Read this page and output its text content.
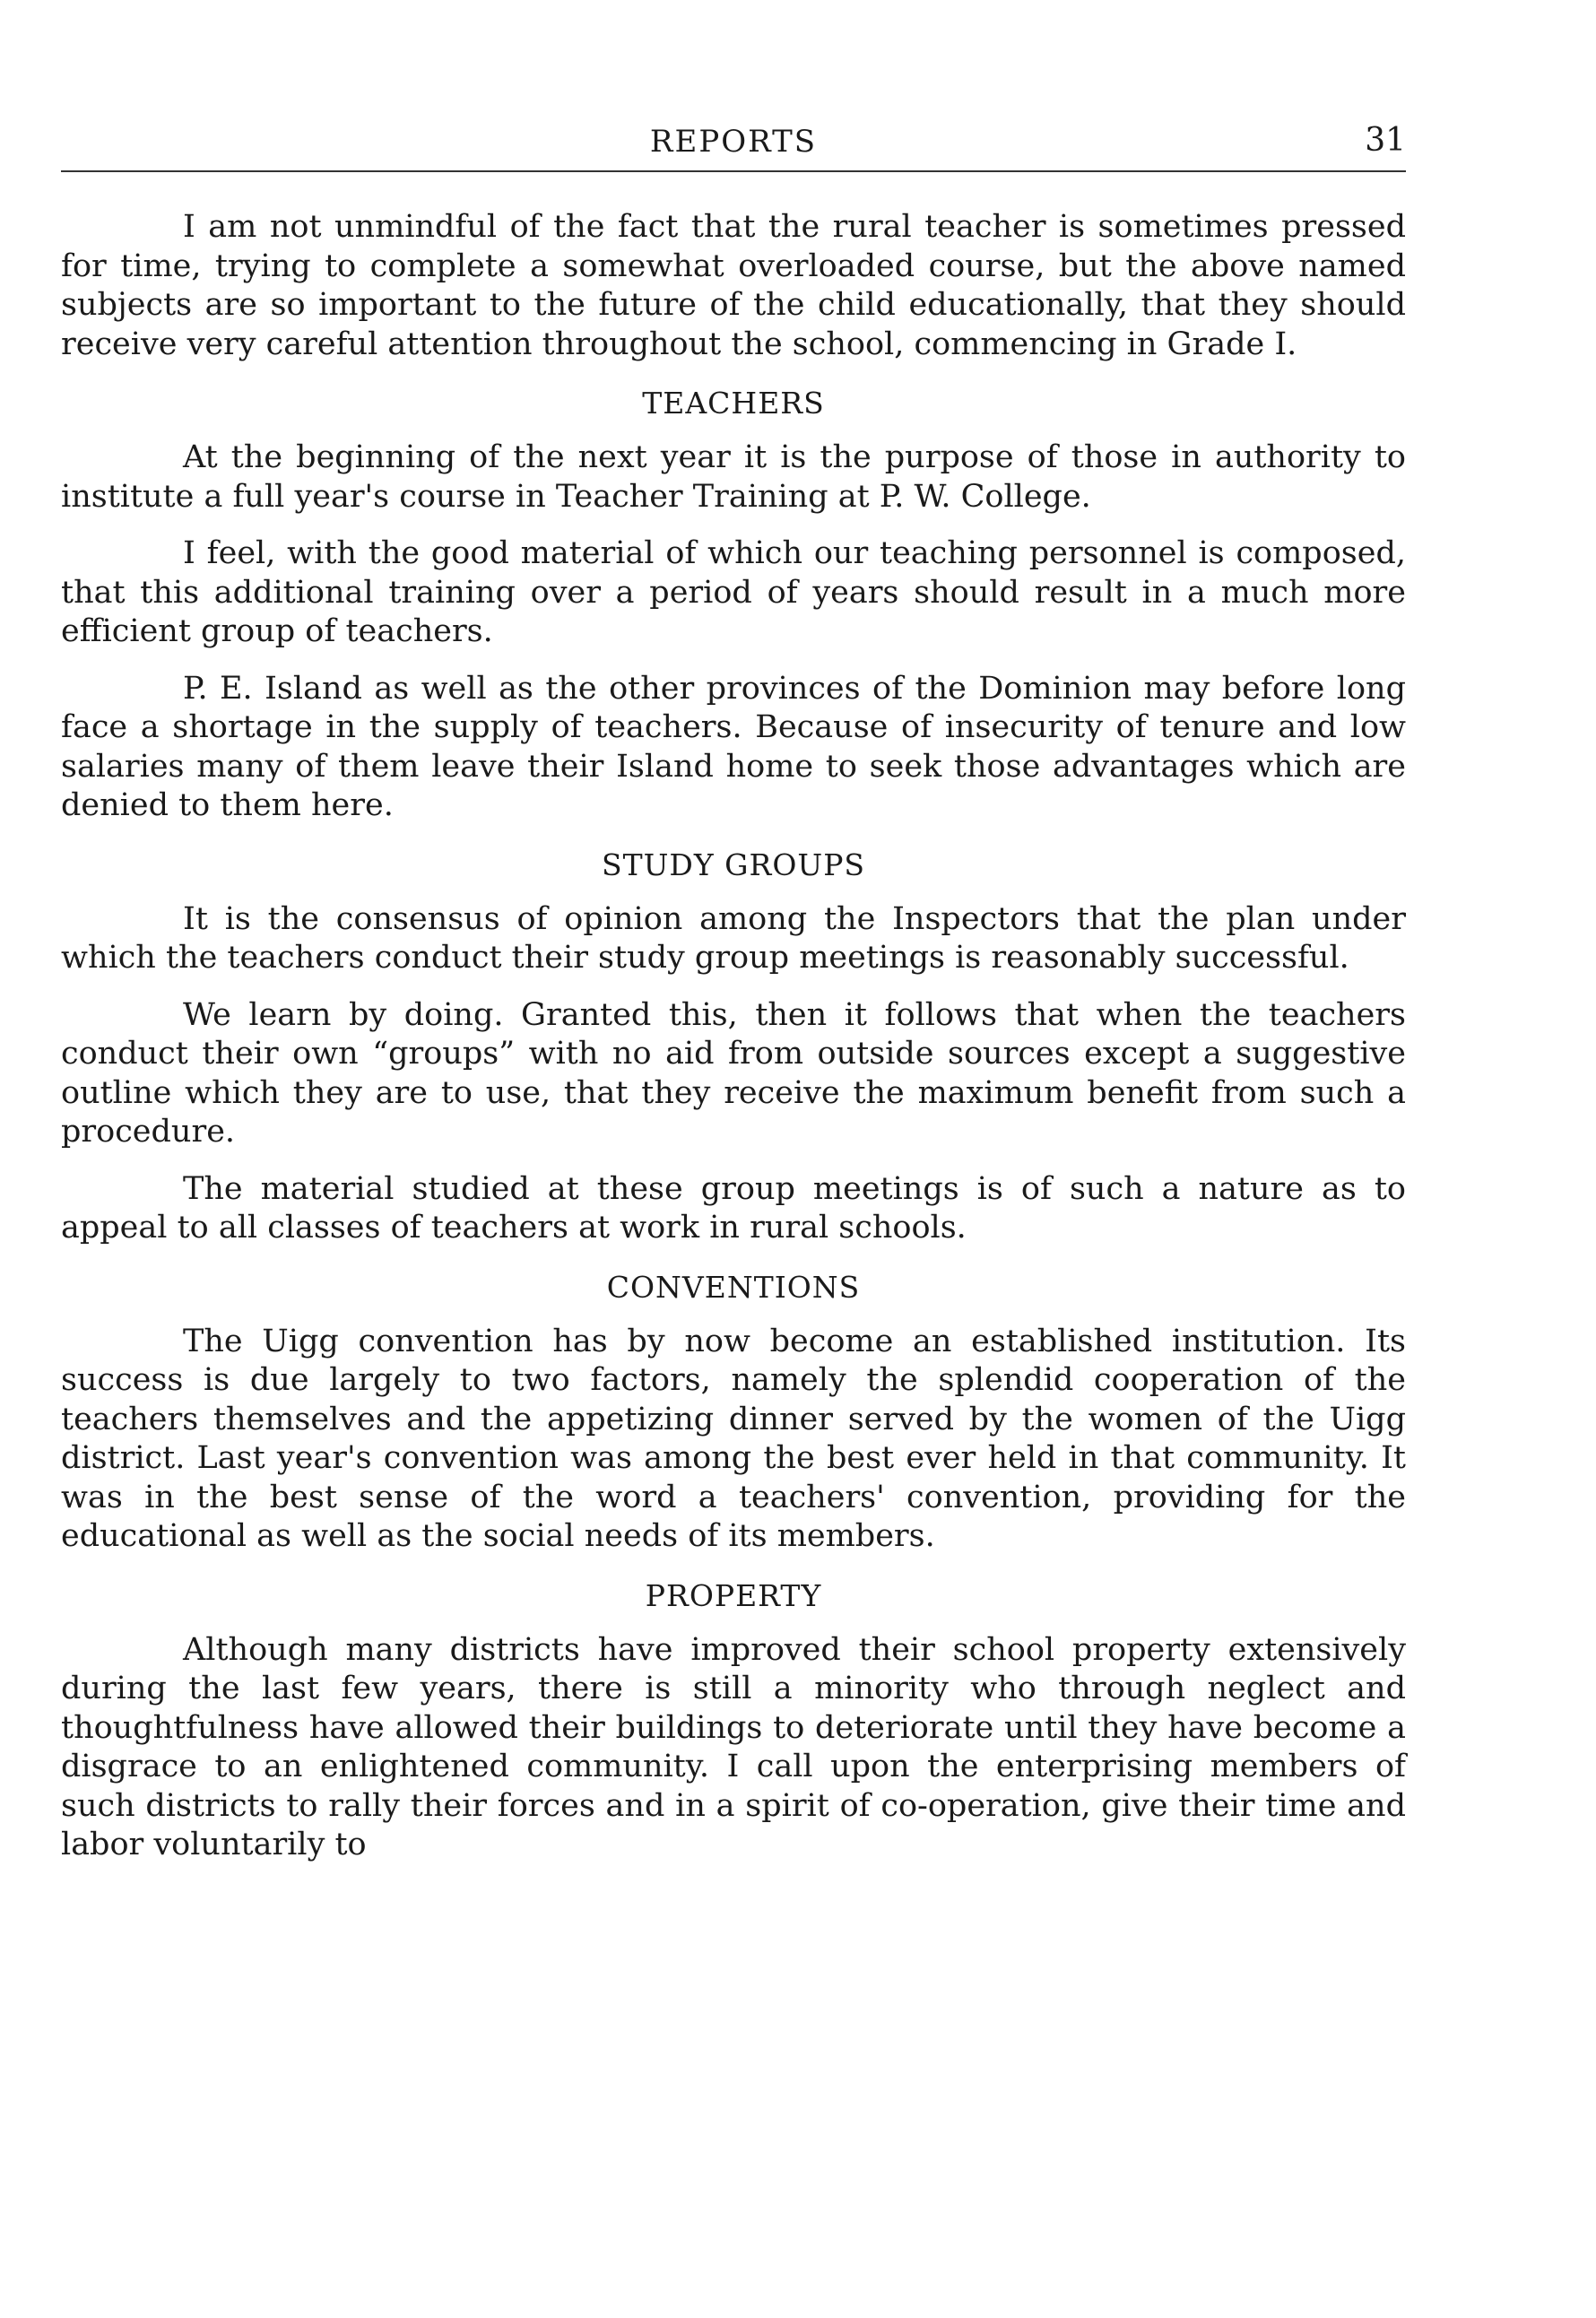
REPORTS	31

I am not unmindful of the fact that the rural teacher is sometimes pressed for time, trying to complete a somewhat overloaded course, but the above named subjects are so important to the future of the child educationally, that they should receive very careful attention throughout the school, commencing in Grade I.

TEACHERS

At the beginning of the next year it is the purpose of those in authority to institute a full year's course in Teacher Training at P. W. College.

I feel, with the good material of which our teaching personnel is composed, that this additional training over a period of years should result in a much more efficient group of teachers.

P. E. Island as well as the other provinces of the Dominion may before long face a shortage in the supply of teachers. Because of insecurity of tenure and low salaries many of them leave their Island home to seek those advantages which are denied to them here.

STUDY GROUPS

It is the consensus of opinion among the Inspectors that the plan under which the teachers conduct their study group meetings is reasonably successful.

We learn by doing. Granted this, then it follows that when the teachers conduct their own “groups” with no aid from outside sources except a suggestive outline which they are to use, that they receive the maximum benefit from such a procedure.

The material studied at these group meetings is of such a nature as to appeal to all classes of teachers at work in rural schools.

CONVENTIONS

The Uigg convention has by now become an established institution. Its success is due largely to two factors, namely the splendid cooperation of the teachers themselves and the appetizing dinner served by the women of the Uigg district. Last year's convention was among the best ever held in that community. It was in the best sense of the word a teachers' convention, providing for the educational as well as the social needs of its members.

PROPERTY

Although many districts have improved their school property extensively during the last few years, there is still a minority who through neglect and thoughtfulness have allowed their buildings to deteriorate until they have become a disgrace to an enlightened community. I call upon the enterprising members of such districts to rally their forces and in a spirit of co-operation, give their time and labor voluntarily to
